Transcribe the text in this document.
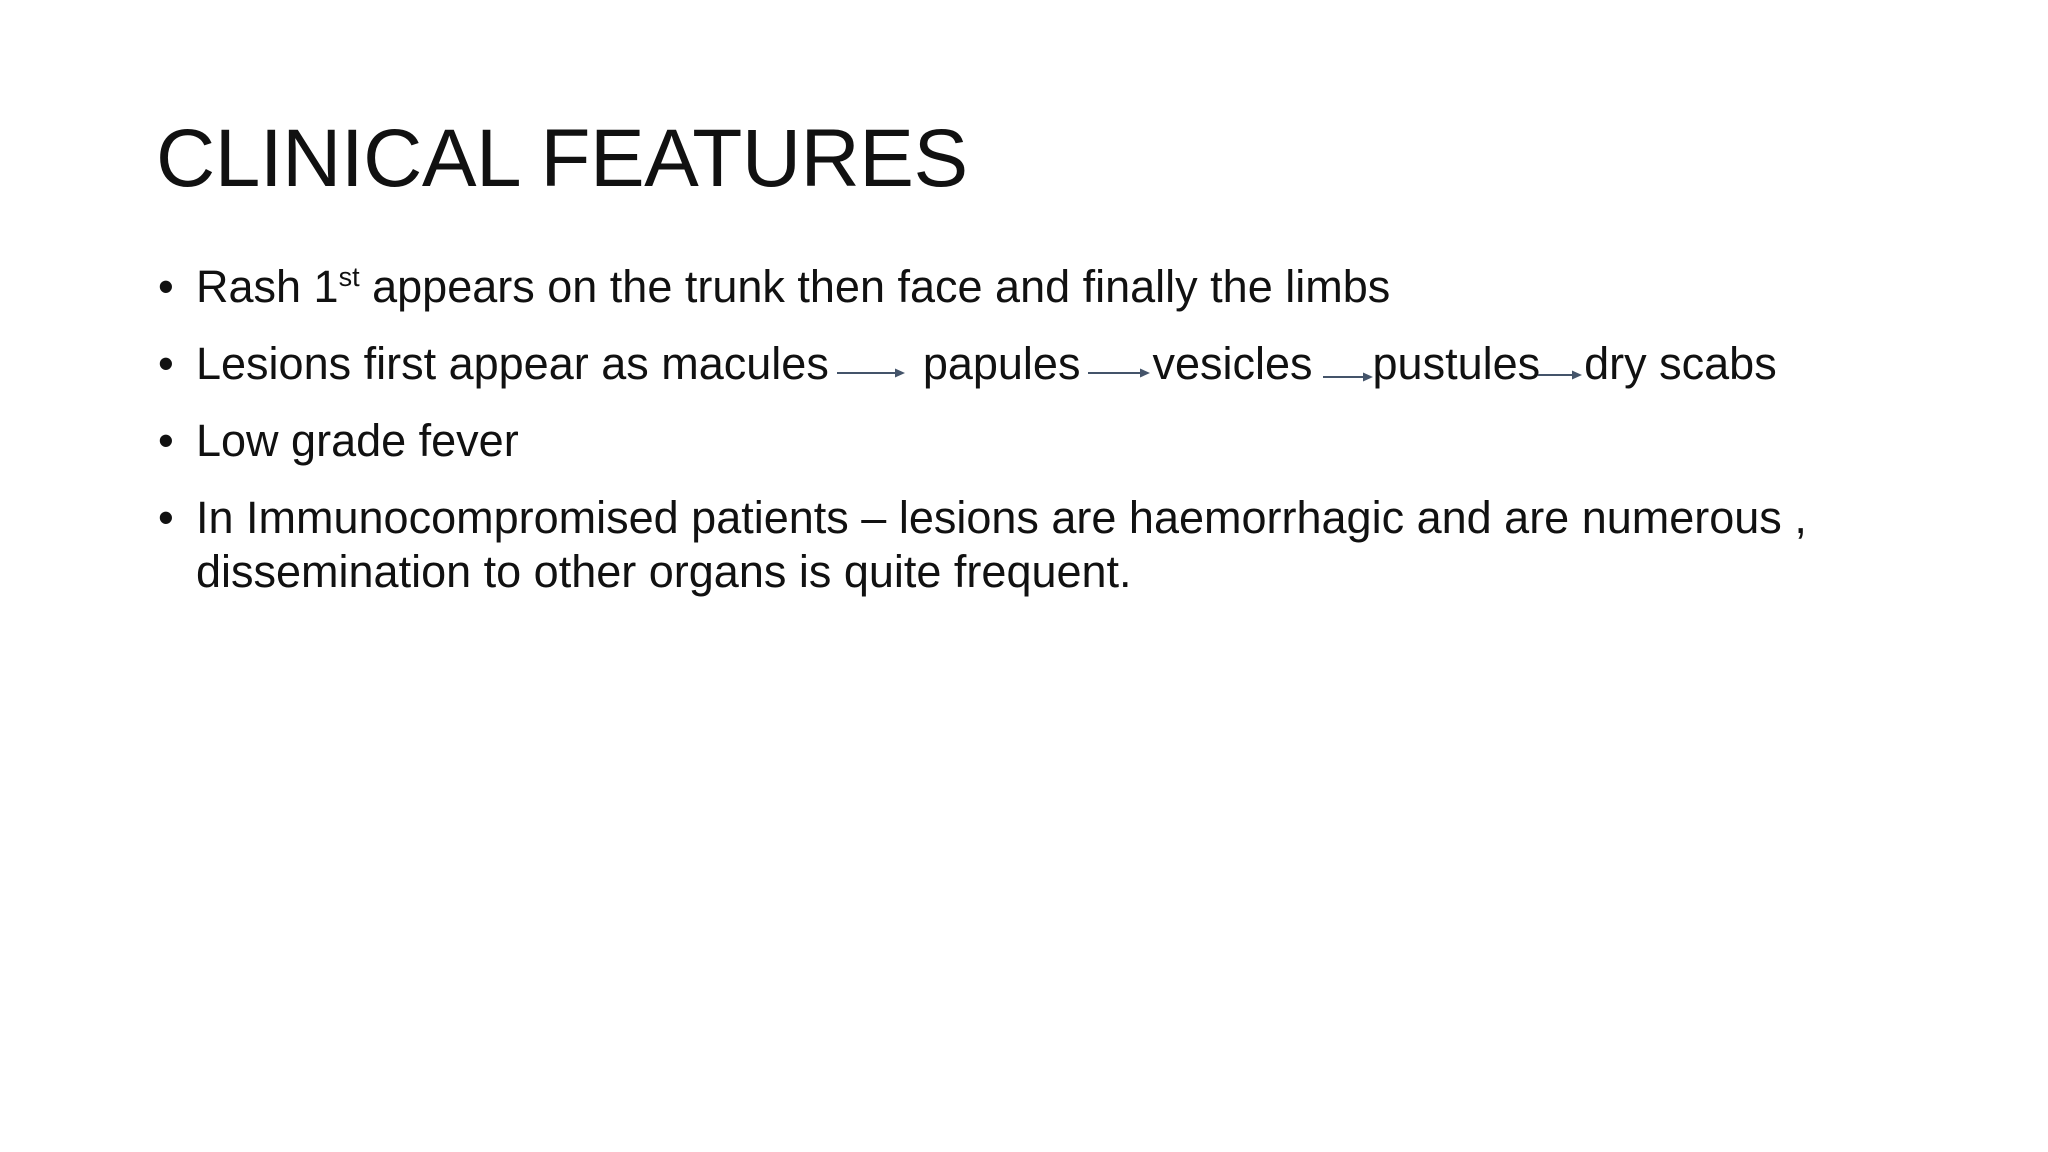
CLINICAL FEATURES
• Rash 1st appears on the trunk then face and finally the limbs
• Lesions first appear as macules papules vesicles pustules dry scabs
• Low grade fever
• In Immunocompromised patients – lesions are haemorrhagic and are numerous , dissemination to other organs is quite frequent.
